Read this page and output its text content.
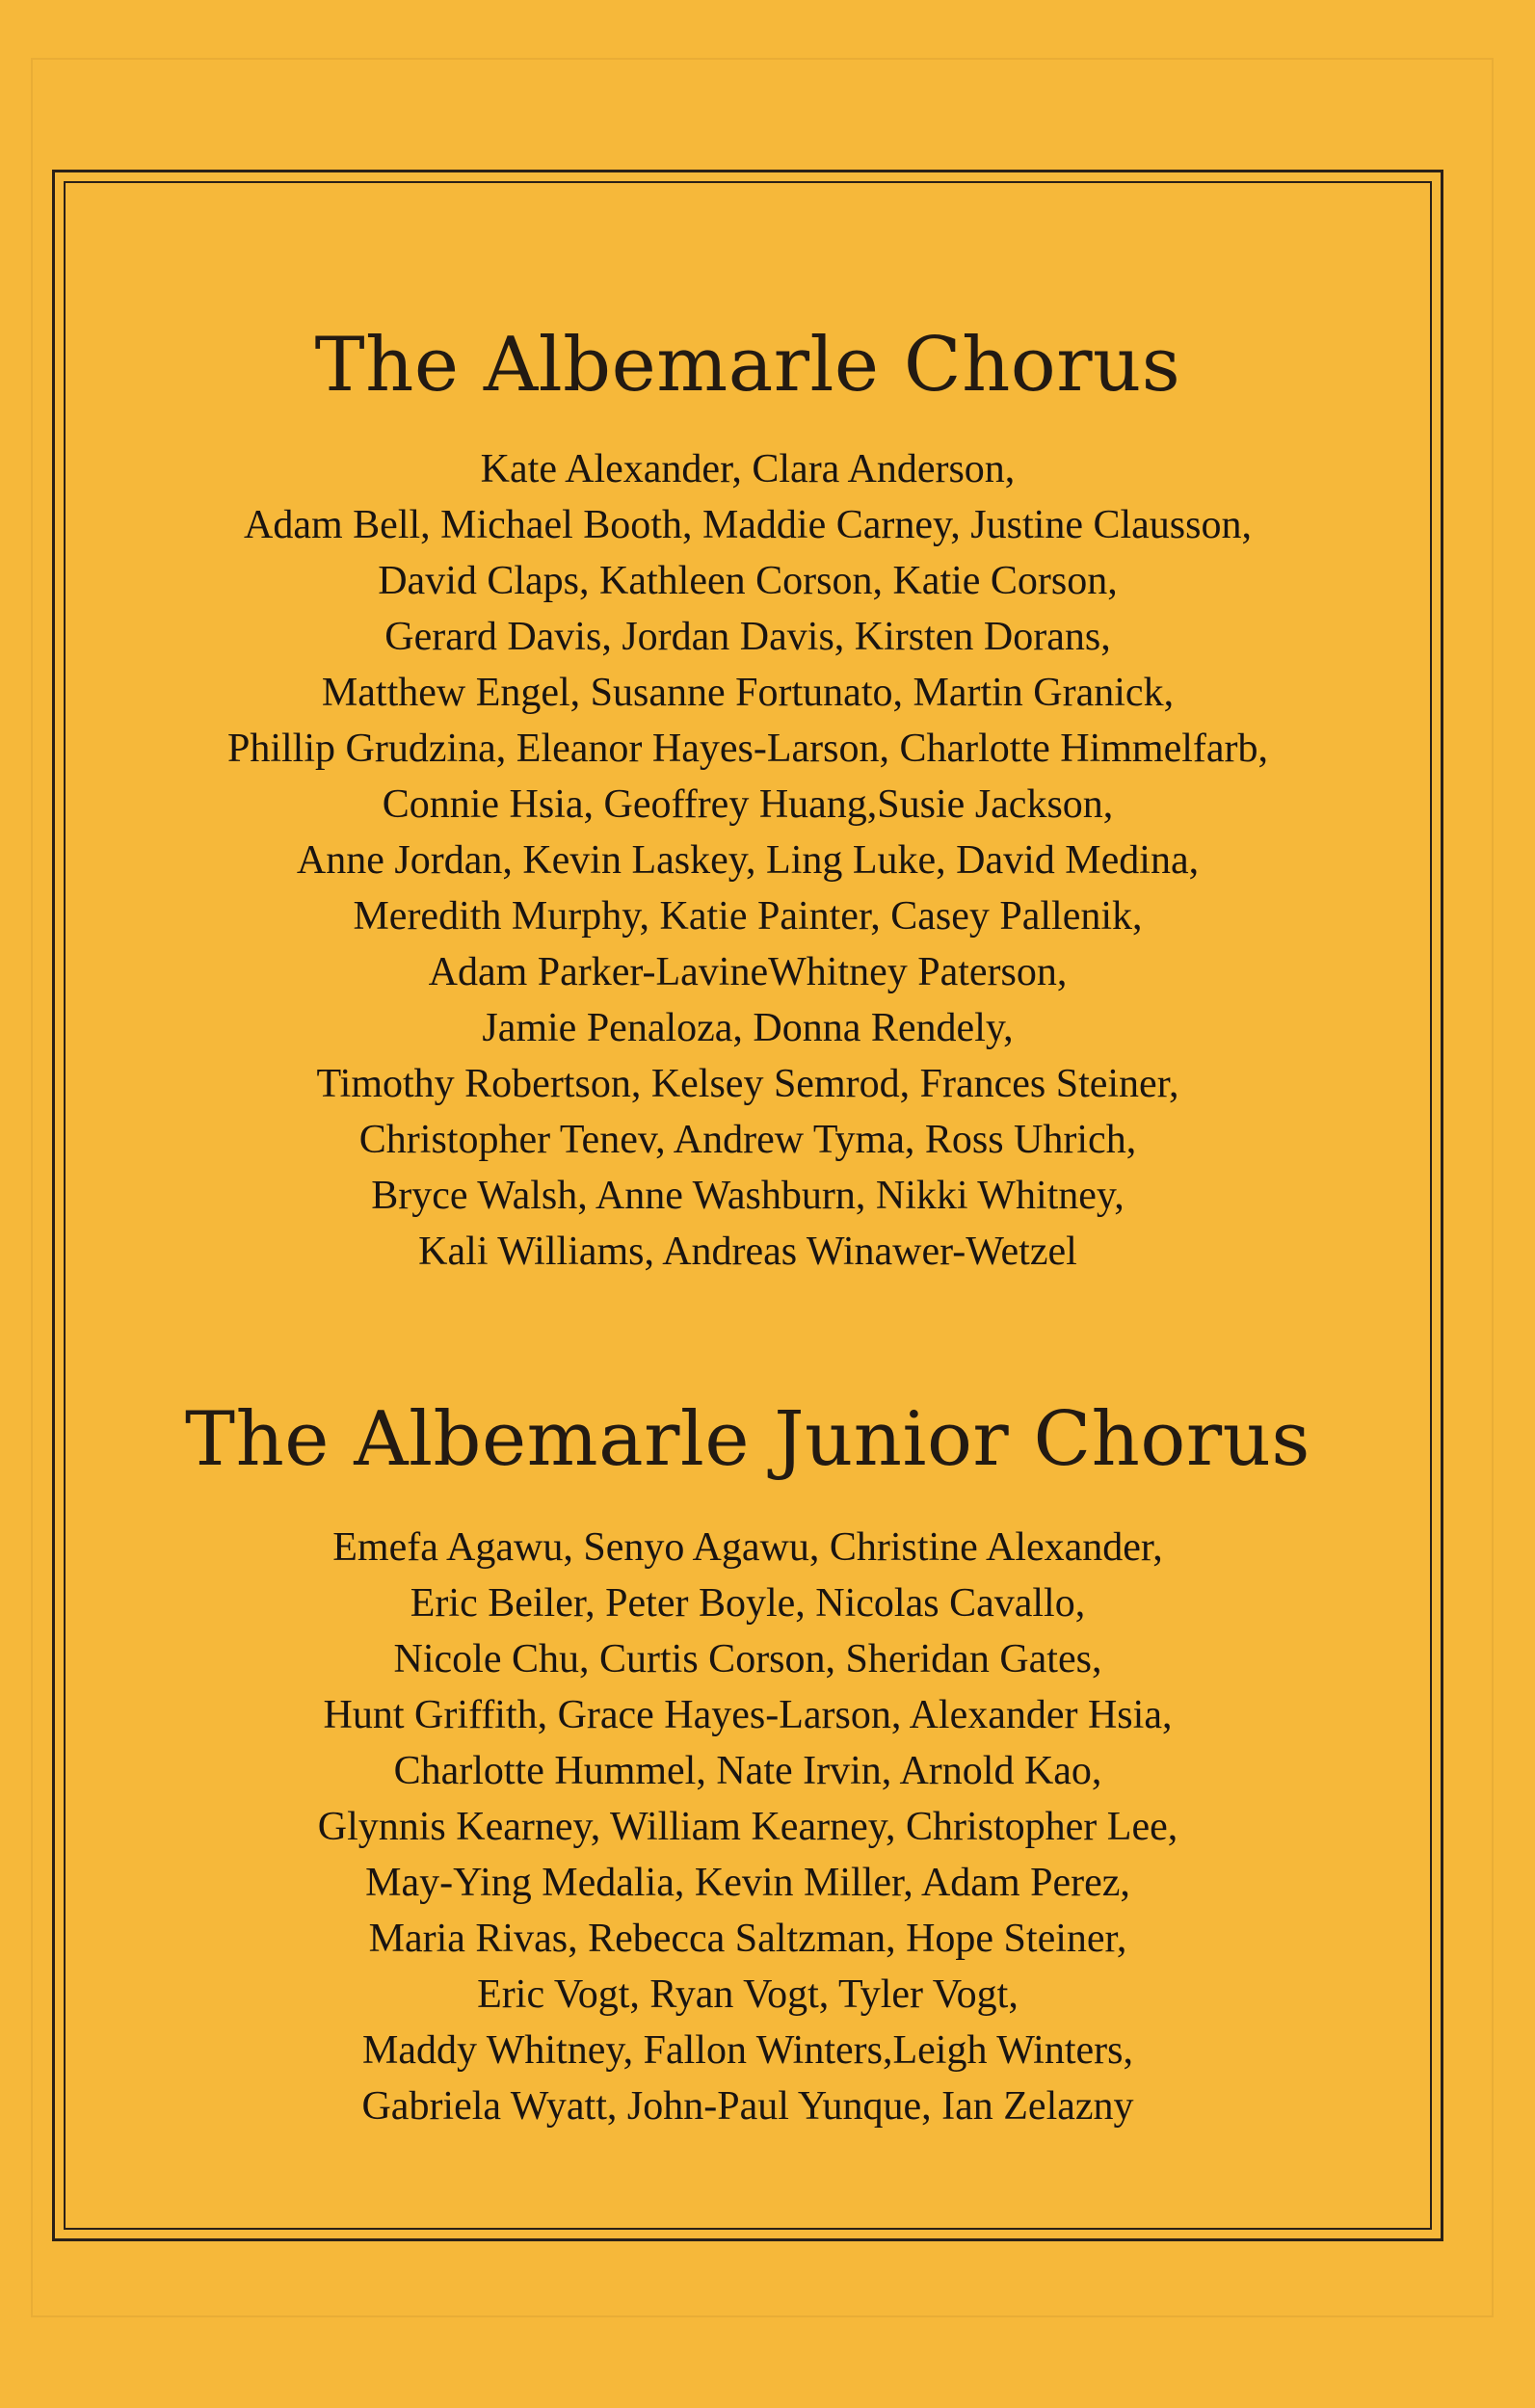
The Albemarle Chorus
Kate Alexander, Clara Anderson,
Adam Bell, Michael Booth, Maddie Carney, Justine Clausson,
David Claps, Kathleen Corson, Katie Corson,
Gerard Davis, Jordan Davis, Kirsten Dorans,
Matthew Engel, Susanne Fortunato, Martin Granick,
Phillip Grudzina, Eleanor Hayes-Larson, Charlotte Himmelfarb,
Connie Hsia, Geoffrey Huang,Susie Jackson,
Anne Jordan, Kevin Laskey, Ling Luke, David Medina,
Meredith Murphy, Katie Painter, Casey Pallenik,
Adam Parker-LavineWhitney Paterson,
Jamie Penaloza, Donna Rendely,
Timothy Robertson, Kelsey Semrod, Frances Steiner,
Christopher Tenev, Andrew Tyma, Ross Uhrich,
Bryce Walsh, Anne Washburn, Nikki Whitney,
Kali Williams, Andreas Winawer-Wetzel
The Albemarle Junior Chorus
Emefa Agawu, Senyo Agawu, Christine Alexander,
Eric Beiler, Peter Boyle, Nicolas Cavallo,
Nicole Chu, Curtis Corson, Sheridan Gates,
Hunt Griffith, Grace Hayes-Larson, Alexander Hsia,
Charlotte Hummel, Nate Irvin, Arnold Kao,
Glynnis Kearney, William Kearney, Christopher Lee,
May-Ying Medalia, Kevin Miller, Adam Perez,
Maria Rivas, Rebecca Saltzman, Hope Steiner,
Eric Vogt, Ryan Vogt, Tyler Vogt,
Maddy Whitney, Fallon Winters,Leigh Winters,
Gabriela Wyatt, John-Paul Yunque, Ian Zelazny
